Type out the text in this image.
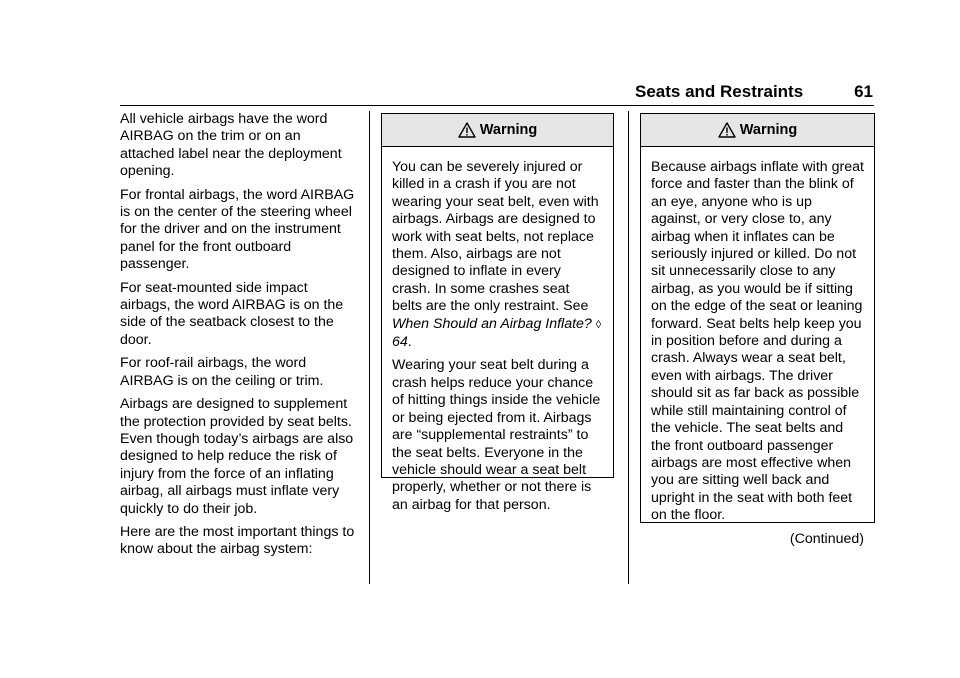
Seats and Restraints	61

All vehicle airbags have the word AIRBAG on the trim or on an attached label near the deployment opening.

For frontal airbags, the word AIRBAG is on the center of the steering wheel for the driver and on the instrument panel for the front outboard passenger.

For seat-mounted side impact airbags, the word AIRBAG is on the side of the seatback closest to the door.

For roof-rail airbags, the word AIRBAG is on the ceiling or trim.

Airbags are designed to supplement the protection provided by seat belts. Even though today’s airbags are also designed to help reduce the risk of injury from the force of an inflating airbag, all airbags must inflate very quickly to do their job.

Here are the most important things to know about the airbag system:

Warning

You can be severely injured or killed in a crash if you are not wearing your seat belt, even with airbags. Airbags are designed to work with seat belts, not replace them. Also, airbags are not designed to inflate in every crash. In some crashes seat belts are the only restraint. See When Should an Airbag Inflate? ◊ 64.

Wearing your seat belt during a crash helps reduce your chance of hitting things inside the vehicle or being ejected from it. Airbags are “supplemental restraints” to the seat belts. Everyone in the vehicle should wear a seat belt properly, whether or not there is an airbag for that person.

Warning

Because airbags inflate with great force and faster than the blink of an eye, anyone who is up against, or very close to, any airbag when it inflates can be seriously injured or killed. Do not sit unnecessarily close to any airbag, as you would be if sitting on the edge of the seat or leaning forward. Seat belts help keep you in position before and during a crash. Always wear a seat belt, even with airbags. The driver should sit as far back as possible while still maintaining control of the vehicle. The seat belts and the front outboard passenger airbags are most effective when you are sitting well back and upright in the seat with both feet on the floor.

(Continued)
